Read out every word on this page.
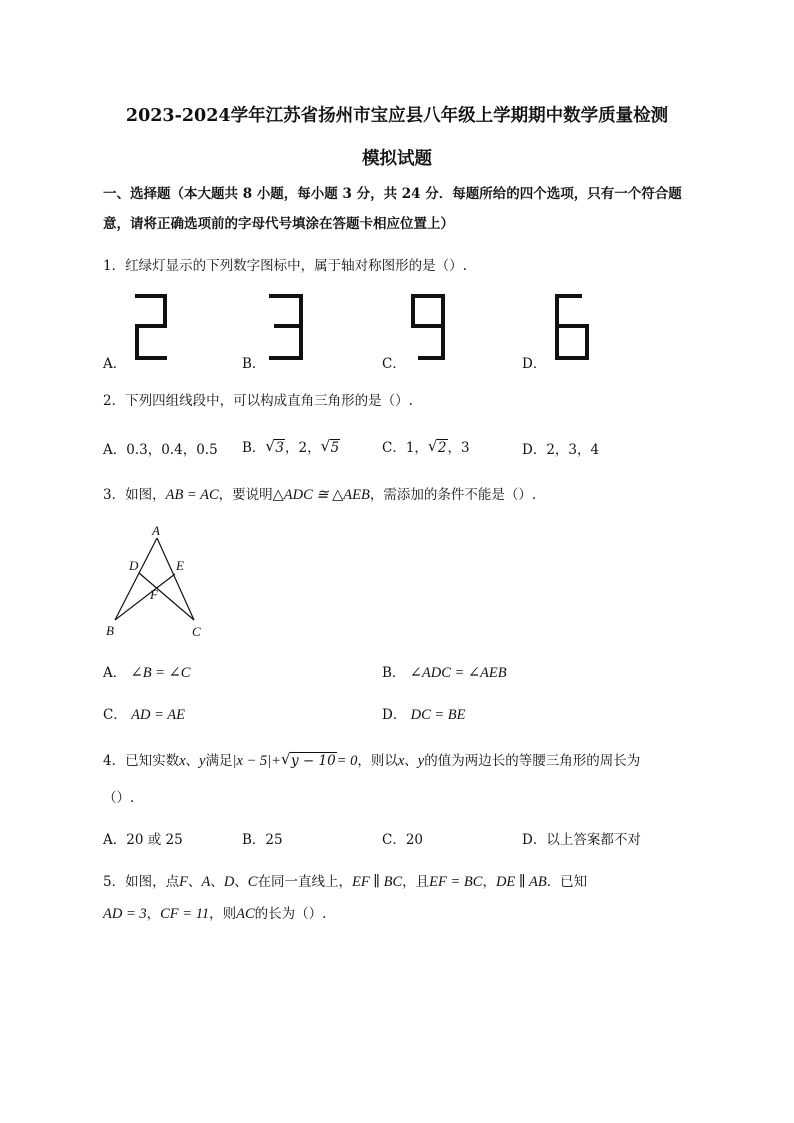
2023-2024学年江苏省扬州市宝应县八年级上学期期中数学质量检测
模拟试题
一、选择题（本大题共 8 小题，每小题 3 分，共 24 分．每题所给的四个选项，只有一个符合题
意，请将正确选项前的字母代号填涂在答题卡相应位置上）
1．红绿灯显示的下列数字图标中，属于轴对称图形的是（）.
A．	B．	C．	D．
2．下列四组线段中，可以构成直角三角形的是（）.
A．0.3，0.4，0.5 B． √ 3，2， √ 5	C．1， √ 2，3	D．2，3，4
3．如图，AB = AC，要说明△ADC ≅ △AEB，需添加的条件不能是（）.
A
D	E
F
B	C
A． ∠B = ∠C	B． ∠ADC = ∠AEB
C． AD = AE	D． DC = BE
4．已知实数x、y满足|x − 5|+ √ y − 10= 0，则以x、y的值为两边长的等腰三角形的周长为
（）.
A．20 或 25	B．25	C．20	D．以上答案都不对
5．如图，点F、A、D、C在同一直线上，EF ∥ BC，且EF = BC，DE ∥ AB．已知
AD = 3，CF = 11，则AC的长为（）.
